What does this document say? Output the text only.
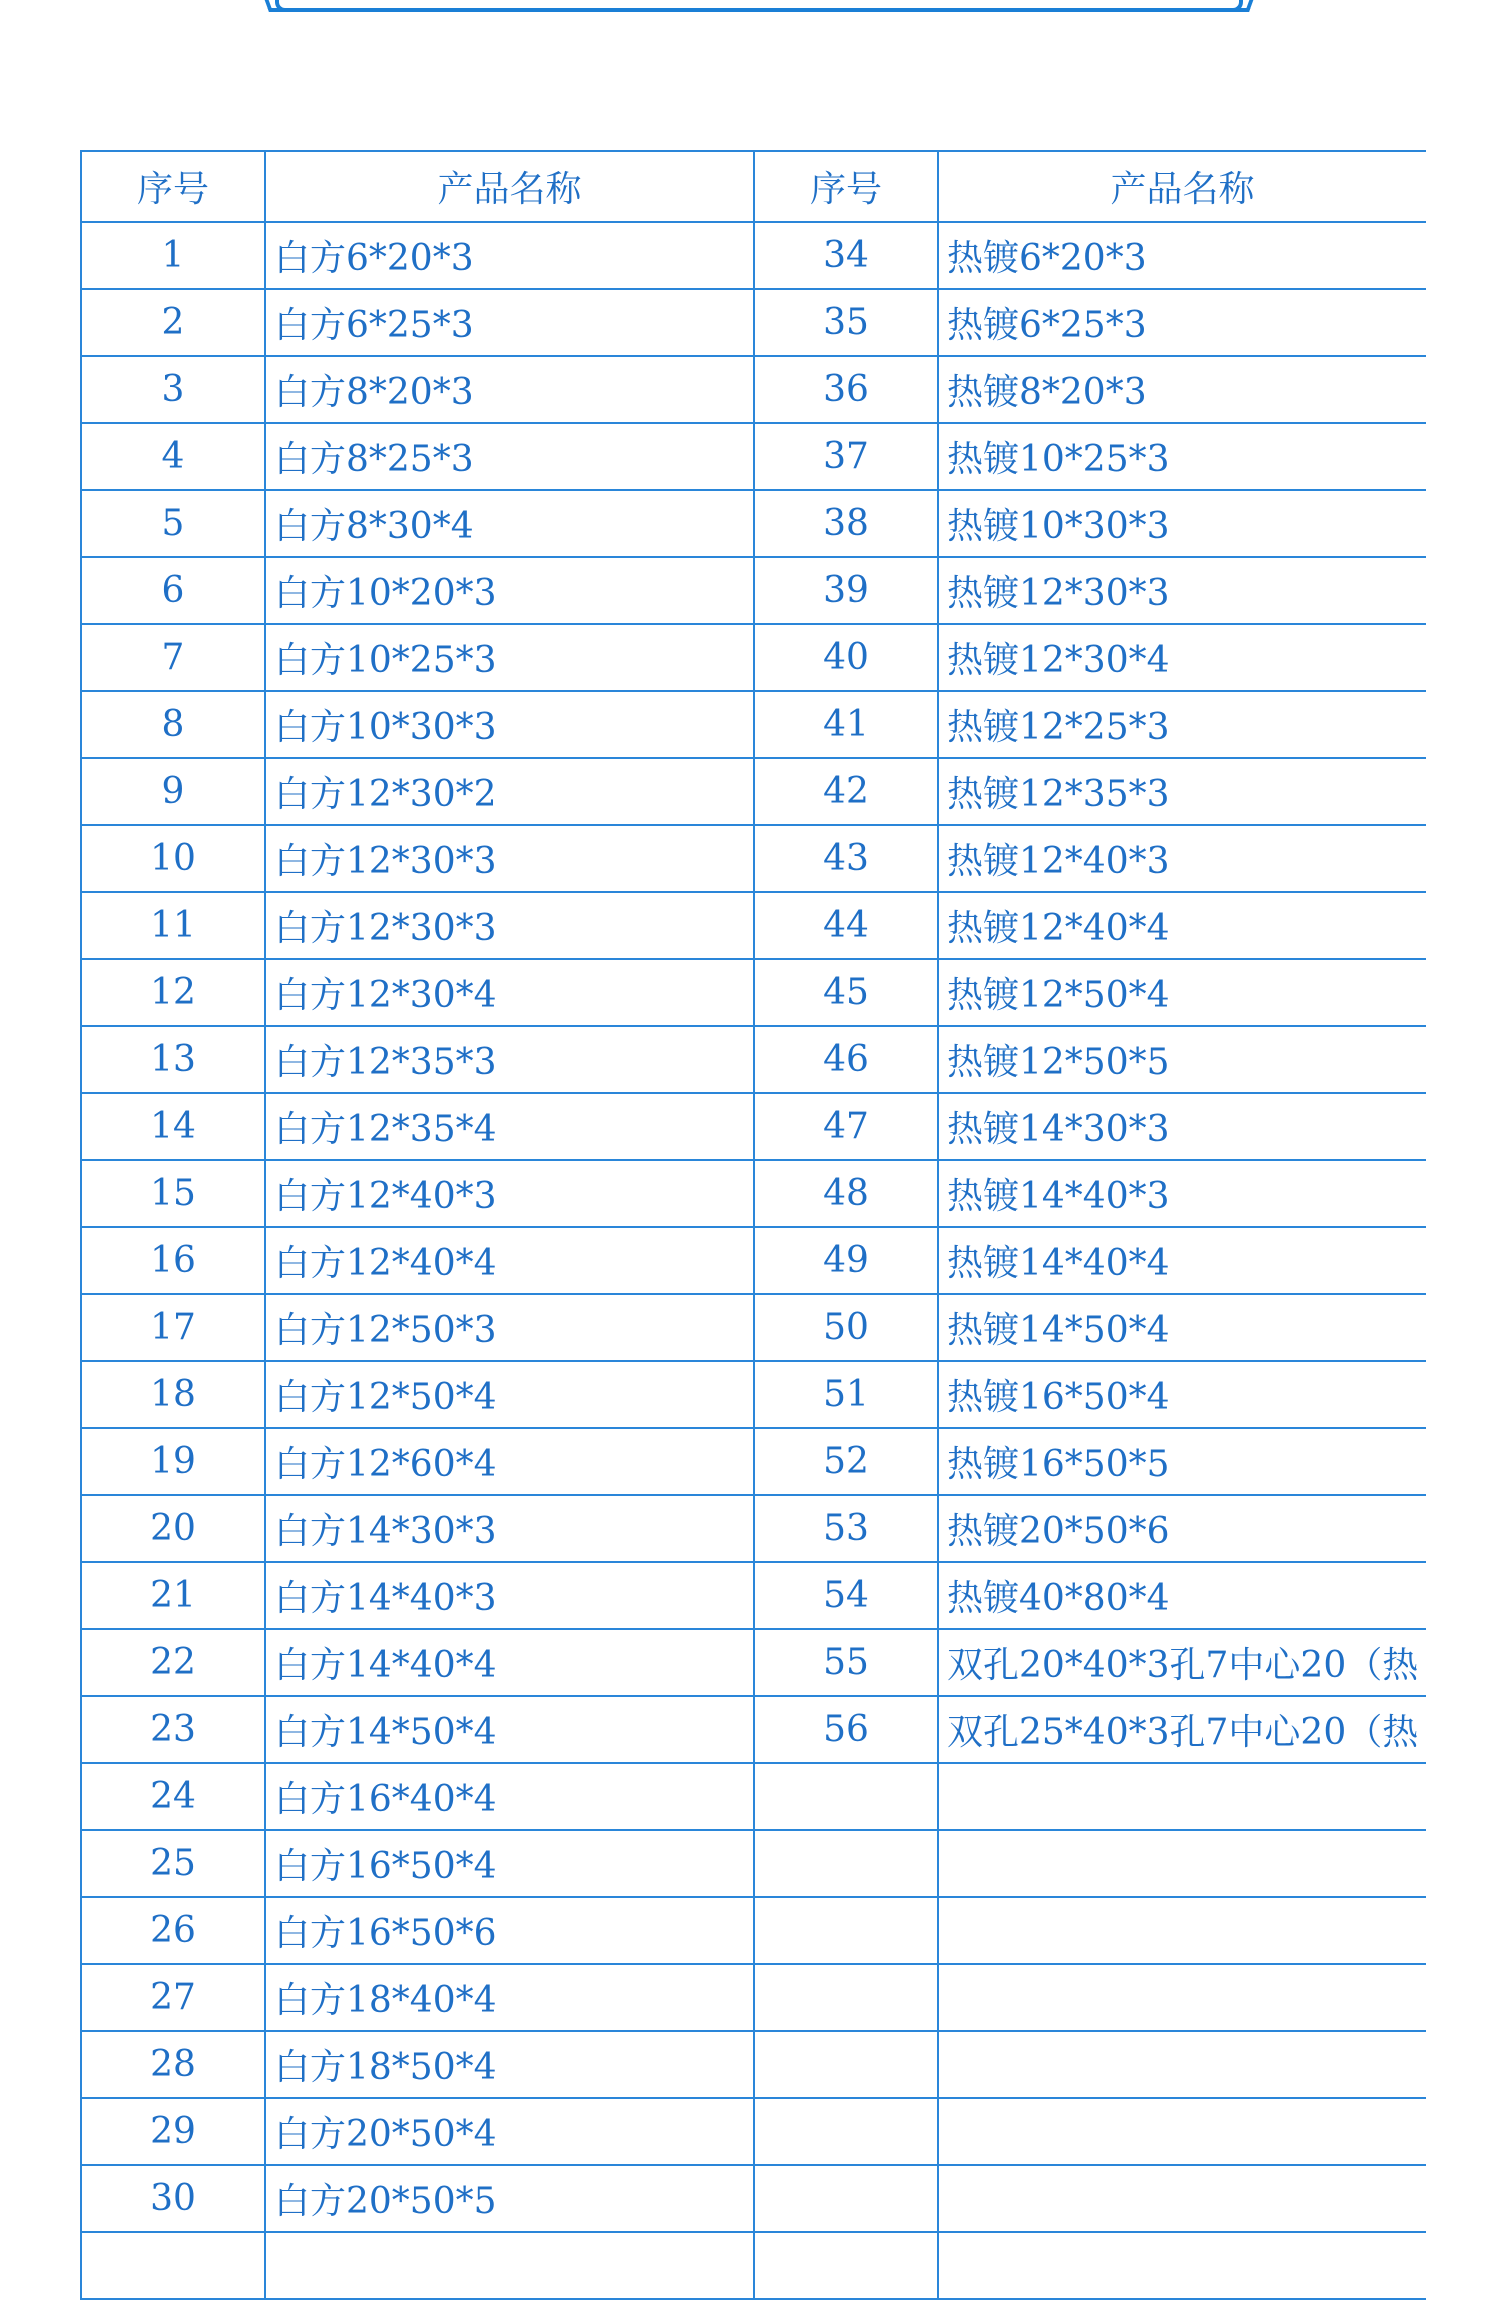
序号	产品名称	序号	产品名称
1	白方6*20*3	34	热镀6*20*3
2	白方6*25*3	35	热镀6*25*3
3	白方8*20*3	36	热镀8*20*3
4	白方8*25*3	37	热镀10*25*3
5	白方8*30*4	38	热镀10*30*3
6	白方10*20*3	39	热镀12*30*3
7	白方10*25*3	40	热镀12*30*4
8	白方10*30*3	41	热镀12*25*3
9	白方12*30*2	42	热镀12*35*3
10	白方12*30*3	43	热镀12*40*3
11	白方12*30*3	44	热镀12*40*4
12	白方12*30*4	45	热镀12*50*4
13	白方12*35*3	46	热镀12*50*5
14	白方12*35*4	47	热镀14*30*3
15	白方12*40*3	48	热镀14*40*3
16	白方12*40*4	49	热镀14*40*4
17	白方12*50*3	50	热镀14*50*4
18	白方12*50*4	51	热镀16*50*4
19	白方12*60*4	52	热镀16*50*5
20	白方14*30*3	53	热镀20*50*6
21	白方14*40*3	54	热镀40*80*4
22	白方14*40*4	55	双孔20*40*3孔7中心20（热
23	白方14*50*4	56	双孔25*40*3孔7中心20（热
24	白方16*40*4		
25	白方16*50*4		
26	白方16*50*6		
27	白方18*40*4		
28	白方18*50*4		
29	白方20*50*4		
30	白方20*50*5		
